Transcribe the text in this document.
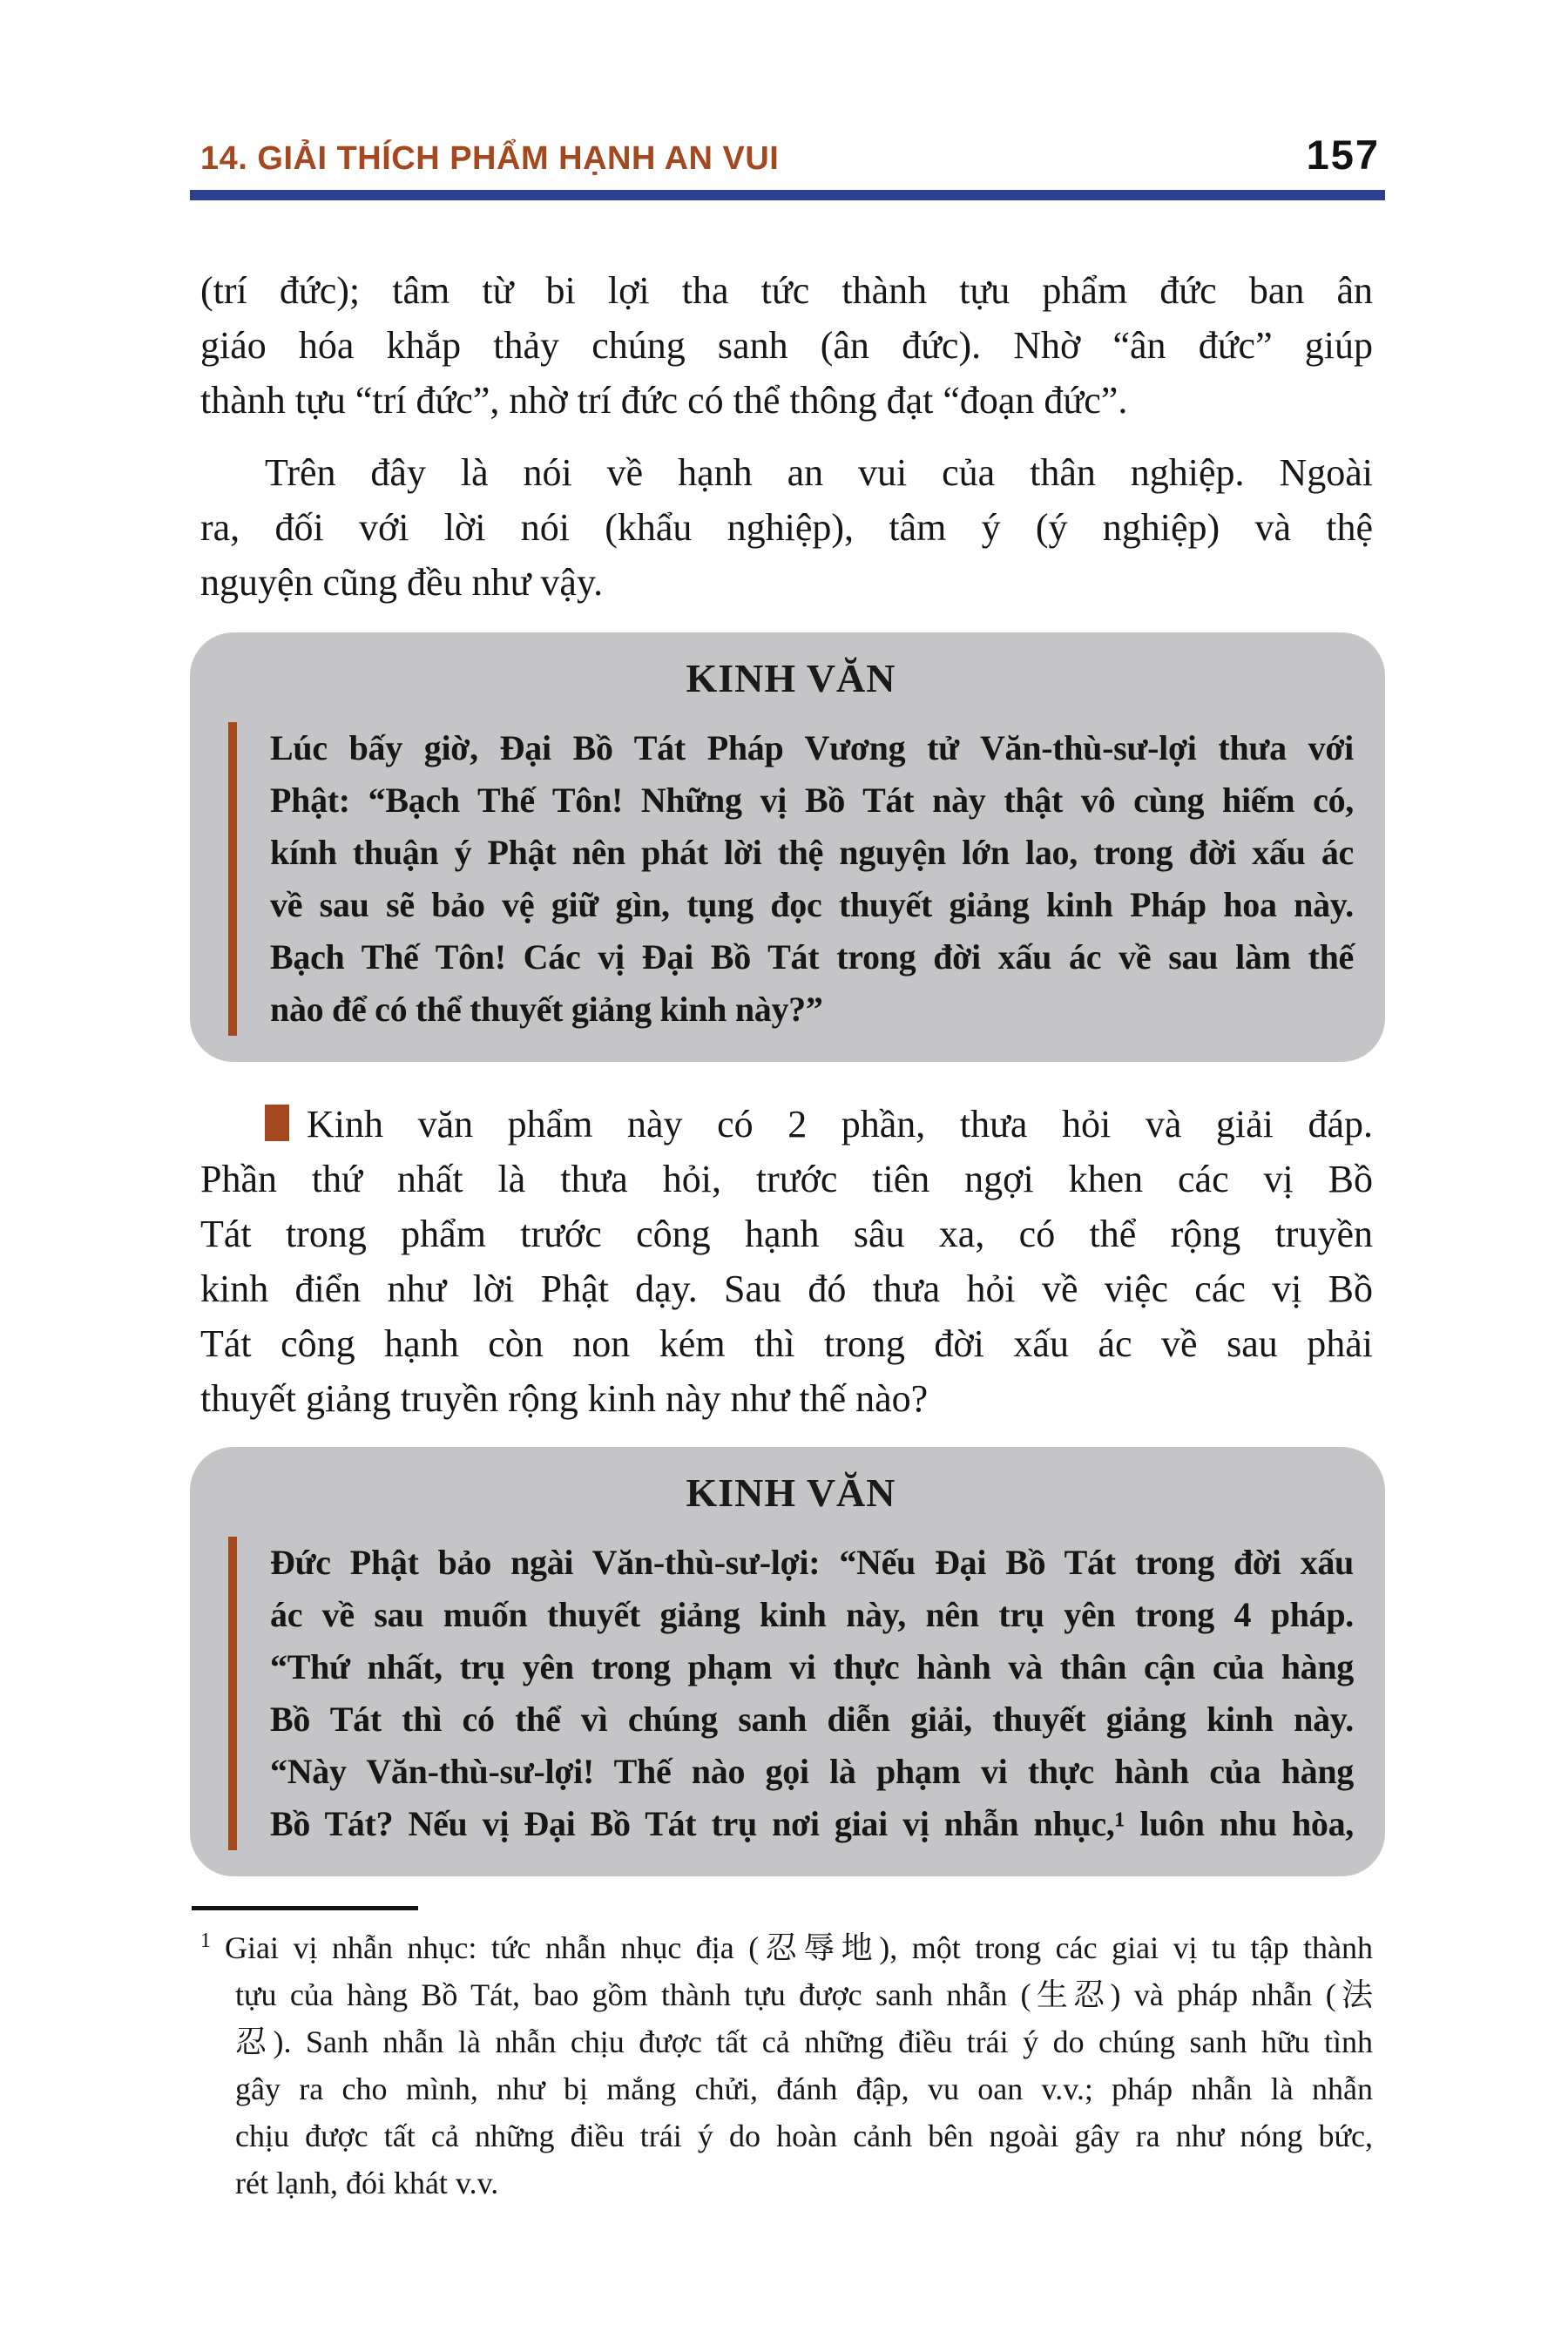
14. GIẢI THÍCH PHẨM HẠNH AN VUI	157
(trí đức); tâm từ bi lợi tha tức thành tựu phẩm đức ban ân
giáo hóa khắp thảy chúng sanh (ân đức). Nhờ “ân đức” giúp
thành tựu “trí đức”, nhờ trí đức có thể thông đạt “đoạn đức”.
Trên đây là nói về hạnh an vui của thân nghiệp. Ngoài
ra, đối với lời nói (khẩu nghiệp), tâm ý (ý nghiệp) và thệ
nguyện cũng đều như vậy.
KINH VĂN
Lúc bấy giờ, Đại Bồ Tát Pháp Vương tử Văn-thù-sư-lợi thưa với
Phật: “Bạch Thế Tôn! Những vị Bồ Tát này thật vô cùng hiếm có,
kính thuận ý Phật nên phát lời thệ nguyện lớn lao, trong đời xấu ác
về sau sẽ bảo vệ giữ gìn, tụng đọc thuyết giảng kinh Pháp hoa này.
Bạch Thế Tôn! Các vị Đại Bồ Tát trong đời xấu ác về sau làm thế
nào để có thể thuyết giảng kinh này?”
Kinh văn phẩm này có 2 phần, thưa hỏi và giải đáp.
Phần thứ nhất là thưa hỏi, trước tiên ngợi khen các vị Bồ
Tát trong phẩm trước công hạnh sâu xa, có thể rộng truyền
kinh điển như lời Phật dạy. Sau đó thưa hỏi về việc các vị Bồ
Tát công hạnh còn non kém thì trong đời xấu ác về sau phải
thuyết giảng truyền rộng kinh này như thế nào?
KINH VĂN
Đức Phật bảo ngài Văn-thù-sư-lợi: “Nếu Đại Bồ Tát trong đời xấu
ác về sau muốn thuyết giảng kinh này, nên trụ yên trong 4 pháp.
“Thứ nhất, trụ yên trong phạm vi thực hành và thân cận của hàng
Bồ Tát thì có thể vì chúng sanh diễn giải, thuyết giảng kinh này.
“Này Văn-thù-sư-lợi! Thế nào gọi là phạm vi thực hành của hàng
Bồ Tát? Nếu vị Đại Bồ Tát trụ nơi giai vị nhẫn nhục,¹ luôn nhu hòa,
$^1$ Giai vị nhẫn nhục: tức nhẫn nhục địa (忍辱地), một trong các giai vị tu tập thành
tựu của hàng Bồ Tát, bao gồm thành tựu được sanh nhẫn (生忍) và pháp nhẫn (法
忍). Sanh nhẫn là nhẫn chịu được tất cả những điều trái ý do chúng sanh hữu tình
gây ra cho mình, như bị mắng chửi, đánh đập, vu oan v.v.; pháp nhẫn là nhẫn
chịu được tất cả những điều trái ý do hoàn cảnh bên ngoài gây ra như nóng bức,
rét lạnh, đói khát v.v.
